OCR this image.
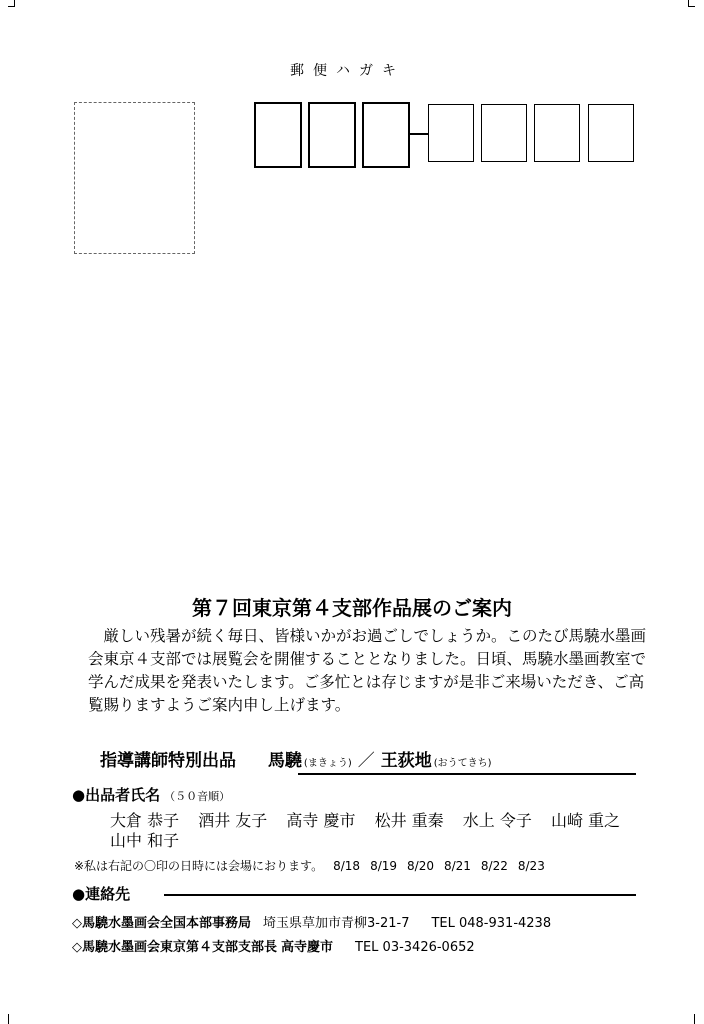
郵便ハガキ
第７回東京第４支部作品展のご案内

厳しい残暑が続く毎日、皆様いかがお過ごしでしょうか。このたび馬驍水墨画会東京４支部では展覧会を開催することとなりました。日頃、馬驍水墨画教室で学んだ成果を発表いたします。ご多忙とは存じますが是非ご来場いただき、ご高覧賜りますようご案内申し上げます。

指導講師特別出品 馬驍 (まきょう) ／ 王荻地 (おうてきち)
●出品者氏名 （５０音順）
大倉 恭子 酒井 友子 高寺 慶市 松井 重秦 水上 令子 山崎 重之 山中 和子
※私は右記の〇印の日時には会場におります。 8/18 8/19 8/20 8/21 8/22 8/23
●連絡先
◇馬驍水墨画会全国本部事務局 埼玉県草加市青柳3-21-7 TEL 048-931-4238
◇馬驍水墨画会東京第４支部支部長 高寺慶市 TEL 03-3426-0652
